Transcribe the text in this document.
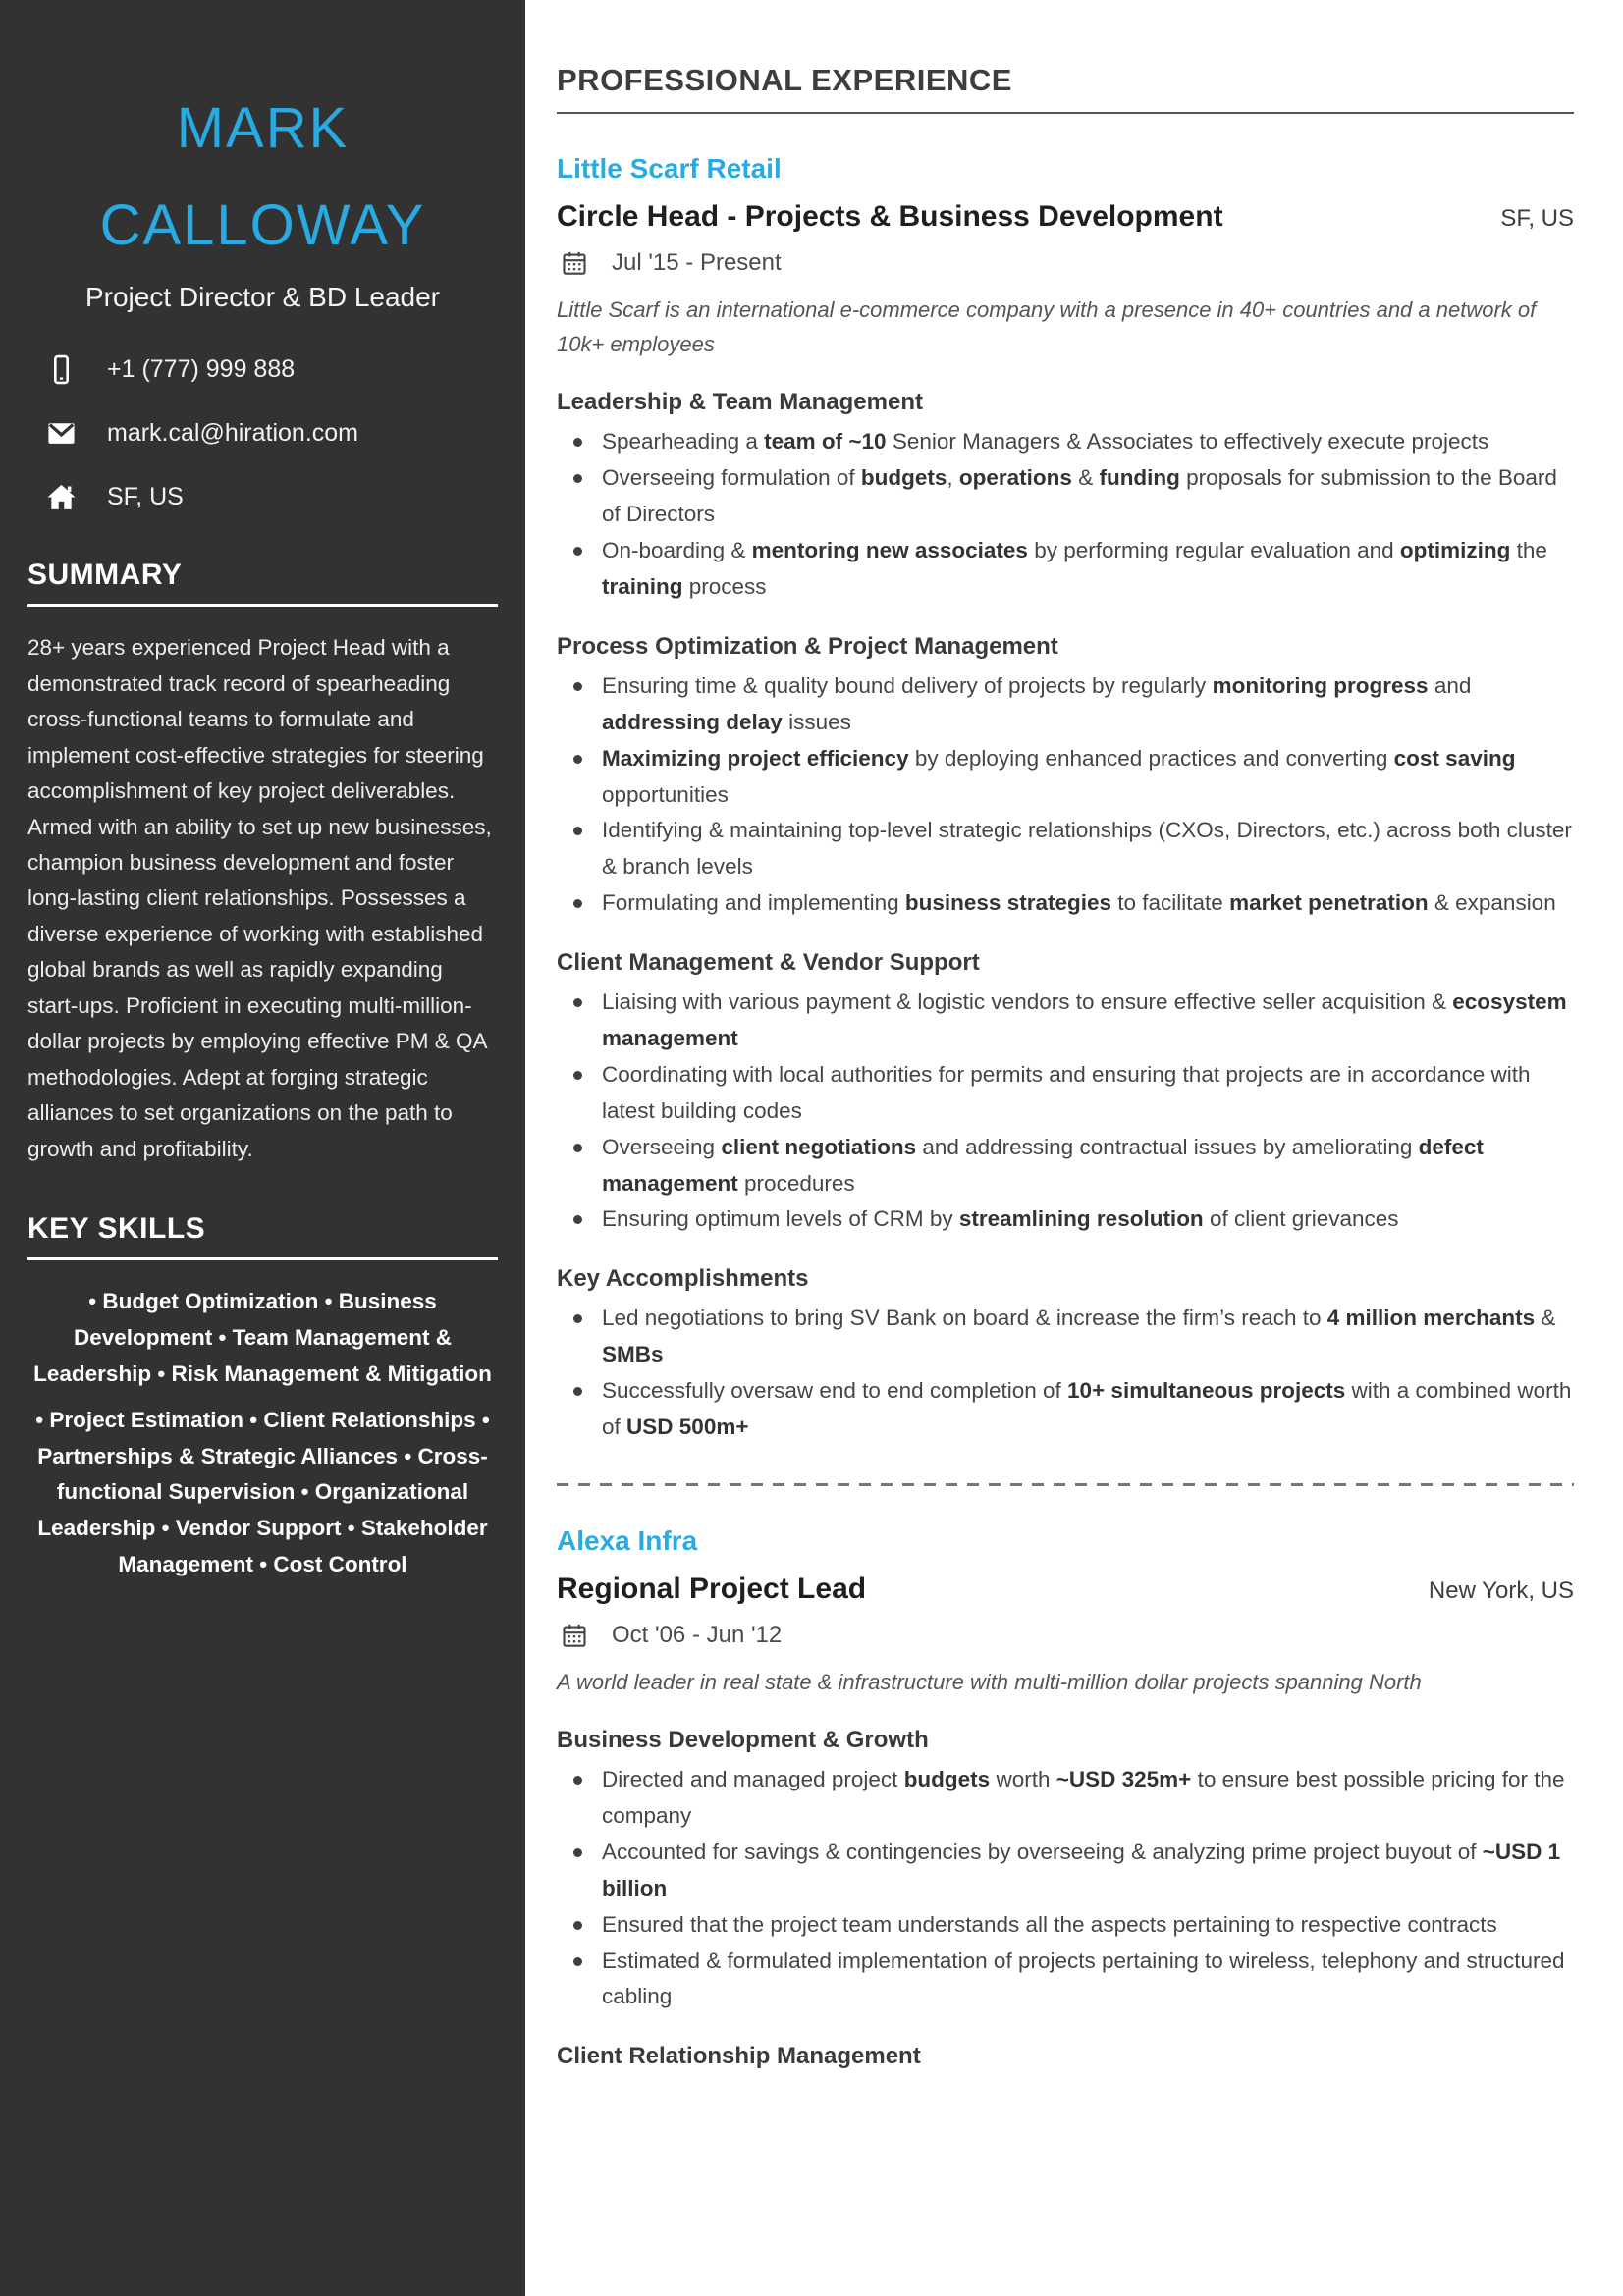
MARK
CALLOWAY
Project Director & BD Leader
+1 (777) 999 888
mark.cal@hiration.com
SF, US
SUMMARY
28+ years experienced Project Head with a demonstrated track record of spearheading cross-functional teams to formulate and implement cost-effective strategies for steering accomplishment of key project deliverables. Armed with an ability to set up new businesses, champion business development and foster long-lasting client relationships. Possesses a diverse experience of working with established global brands as well as rapidly expanding start-ups. Proficient in executing multi-million-dollar projects by employing effective PM & QA methodologies. Adept at forging strategic alliances to set organizations on the path to growth and profitability.
KEY SKILLS

• Budget Optimization • Business Development • Team Management & Leadership • Risk Management & Mitigation

• Project Estimation • Client Relationships • Partnerships & Strategic Alliances • Cross-functional Supervision • Organizational Leadership • Vendor Support • Stakeholder Management • Cost Control

PROFESSIONAL EXPERIENCE
Little Scarf Retail
Circle Head - Projects & Business Development	SF, US
Jul '15 - Present
Little Scarf is an international e-commerce company with a presence in 40+ countries and a network of 10k+ employees
Leadership & Team Management
Spearheading a team of ~10 Senior Managers & Associates to effectively execute projects
Overseeing formulation of budgets, operations & funding proposals for submission to the Board of Directors
On-boarding & mentoring new associates by performing regular evaluation and optimizing the training process
Process Optimization & Project Management
Ensuring time & quality bound delivery of projects by regularly monitoring progress and addressing delay issues
Maximizing project efficiency by deploying enhanced practices and converting cost saving opportunities
Identifying & maintaining top-level strategic relationships (CXOs, Directors, etc.) across both cluster & branch levels
Formulating and implementing business strategies to facilitate market penetration & expansion
Client Management & Vendor Support
Liaising with various payment & logistic vendors to ensure effective seller acquisition & ecosystem management
Coordinating with local authorities for permits and ensuring that projects are in accordance with latest building codes
Overseeing client negotiations and addressing contractual issues by ameliorating defect management procedures
Ensuring optimum levels of CRM by streamlining resolution of client grievances
Key Accomplishments
Led negotiations to bring SV Bank on board & increase the firm’s reach to 4 million merchants & SMBs
Successfully oversaw end to end completion of 10+ simultaneous projects with a combined worth of USD 500m+
Alexa Infra
Regional Project Lead	New York, US
Oct '06 - Jun '12
A world leader in real state & infrastructure with multi-million dollar projects spanning North
Business Development & Growth
Directed and managed project budgets worth ~USD 325m+ to ensure best possible pricing for the company
Accounted for savings & contingencies by overseeing & analyzing prime project buyout of ~USD 1 billion
Ensured that the project team understands all the aspects pertaining to respective contracts
Estimated & formulated implementation of projects pertaining to wireless, telephony and structured cabling
Client Relationship Management
